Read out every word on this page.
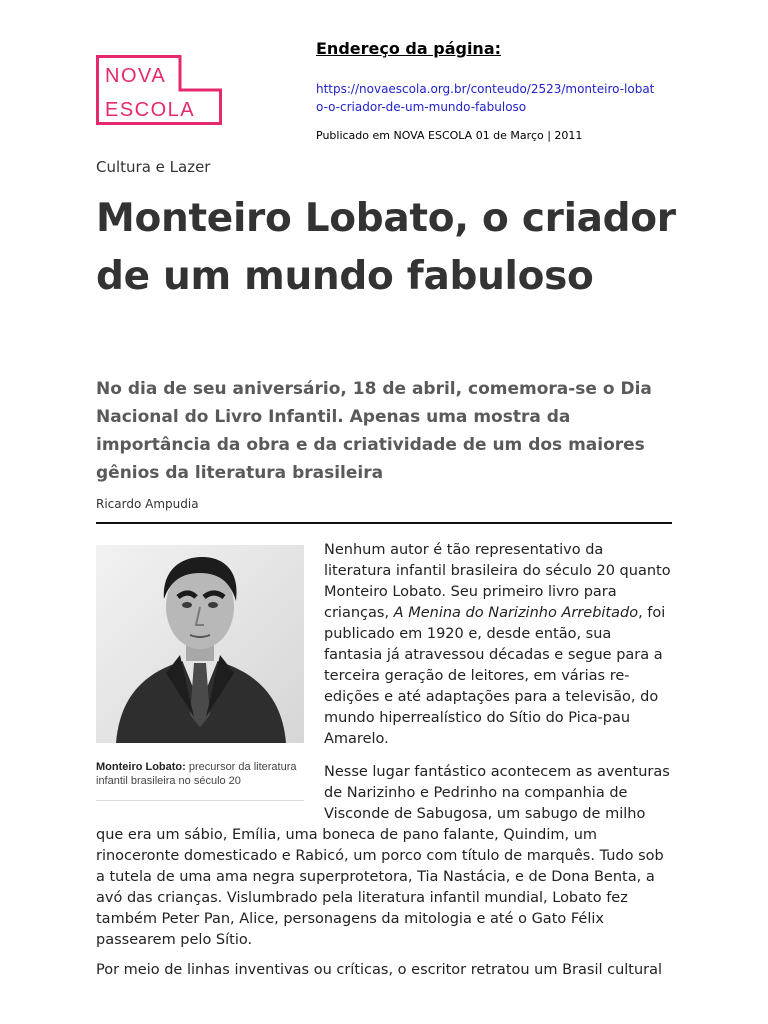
NOVA
ESCOLA
Endereço da página:
https://novaescola.org.br/conteudo/2523/monteiro-lobato-o-criador-de-um-mundo-fabuloso
Publicado em NOVA ESCOLA 01 de Março | 2011
Cultura e Lazer
Monteiro Lobato, o criador de um mundo fabuloso

No dia de seu aniversário, 18 de abril, comemora-se o Dia Nacional do Livro Infantil. Apenas uma mostra da importância da obra e da criatividade de um dos maiores gênios da literatura brasileira

Ricardo Ampudia
Monteiro Lobato: precursor da literatura infantil brasileira no século 20

Nenhum autor é tão representativo da literatura infantil brasileira do século 20 quanto Monteiro Lobato. Seu primeiro livro para crianças, A Menina do Narizinho Arrebitado, foi publicado em 1920 e, desde então, sua fantasia já atravessou décadas e segue para a terceira geração de leitores, em várias re-edições e até adaptações para a televisão, do mundo hiperrealístico do Sítio do Pica-pau Amarelo.

Nesse lugar fantástico acontecem as aventuras de Narizinho e Pedrinho na companhia de Visconde de Sabugosa, um sabugo de milho

que era um sábio, Emília, uma boneca de pano falante, Quindim, um rinoceronte domesticado e Rabicó, um porco com título de marquês. Tudo sob a tutela de uma ama negra superprotetora, Tia Nastácia, e de Dona Benta, a avó das crianças. Vislumbrado pela literatura infantil mundial, Lobato fez também Peter Pan, Alice, personagens da mitologia e até o Gato Félix passearem pelo Sítio.

Por meio de linhas inventivas ou críticas, o escritor retratou um Brasil cultural
